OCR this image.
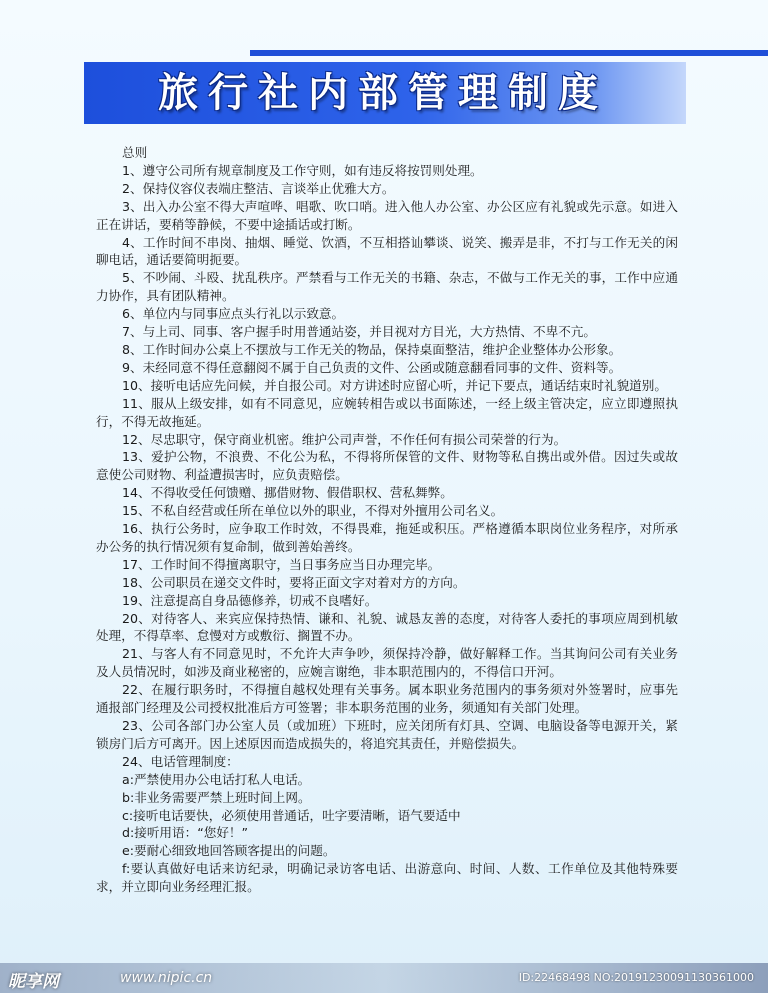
旅行社内部管理制度

总则

1、遵守公司所有规章制度及工作守则，如有违反将按罚则处理。

2、保持仪容仪表端庄整洁、言谈举止优雅大方。

3、出入办公室不得大声喧哗、唱歌、吹口哨。进入他人办公室、办公区应有礼貌或先示意。如进入正在讲话，要稍等静候，不要中途插话或打断。

4、工作时间不串岗、抽烟、睡觉、饮酒，不互相搭讪攀谈、说笑、搬弄是非，不打与工作无关的闲聊电话，通话要简明扼要。

5、不吵闹、斗殴、扰乱秩序。严禁看与工作无关的书籍、杂志，不做与工作无关的事，工作中应通力协作，具有团队精神。

6、单位内与同事应点头行礼以示致意。

7、与上司、同事、客户握手时用普通站姿，并目视对方目光，大方热情、不卑不亢。

8、工作时间办公桌上不摆放与工作无关的物品，保持桌面整洁，维护企业整体办公形象。

9、未经同意不得任意翻阅不属于自己负责的文件、公函或随意翻看同事的文件、资料等。

10、接听电话应先问候，并自报公司。对方讲述时应留心听，并记下要点，通话结束时礼貌道别。

11、服从上级安排，如有不同意见，应婉转相告或以书面陈述，一经上级主管决定，应立即遵照执行，不得无故拖延。

12、尽忠职守，保守商业机密。维护公司声誉，不作任何有损公司荣誉的行为。

13、爱护公物，不浪费、不化公为私，不得将所保管的文件、财物等私自携出或外借。因过失或故意使公司财物、利益遭损害时，应负责赔偿。

14、不得收受任何馈赠、挪借财物、假借职权、营私舞弊。

15、不私自经营或任所在单位以外的职业，不得对外擅用公司名义。

16、执行公务时，应争取工作时效，不得畏难，拖延或积压。严格遵循本职岗位业务程序，对所承办公务的执行情况须有复命制，做到善始善终。

17、工作时间不得擅离职守，当日事务应当日办理完毕。

18、公司职员在递交文件时，要将正面文字对着对方的方向。

19、注意提高自身品德修养，切戒不良嗜好。

20、对待客人、来宾应保持热情、谦和、礼貌、诚恳友善的态度，对待客人委托的事项应周到机敏处理，不得草率、怠慢对方或敷衍、搁置不办。

21、与客人有不同意见时，不允许大声争吵，须保持冷静，做好解释工作。当其询问公司有关业务及人员情况时，如涉及商业秘密的，应婉言谢绝，非本职范围内的，不得信口开河。

22、在履行职务时，不得擅自越权处理有关事务。属本职业务范围内的事务须对外签署时，应事先通报部门经理及公司授权批准后方可签署；非本职务范围的业务，须通知有关部门处理。

23、公司各部门办公室人员（或加班）下班时，应关闭所有灯具、空调、电脑设备等电源开关，紧锁房门后方可离开。因上述原因而造成损失的，将追究其责任，并赔偿损失。

24、电话管理制度：

a:严禁使用办公电话打私人电话。

b:非业务需要严禁上班时间上网。

c:接听电话要快，必须使用普通话，吐字要清晰，语气要适中

d:接听用语：“您好！”

e:要耐心细致地回答顾客提出的问题。

f:要认真做好电话来访纪录，明确记录访客电话、出游意向、时间、人数、工作单位及其他特殊要求，并立即向业务经理汇报。

昵享网	www.nipic.cn	ID:22468498 NO:20191230091130361000
